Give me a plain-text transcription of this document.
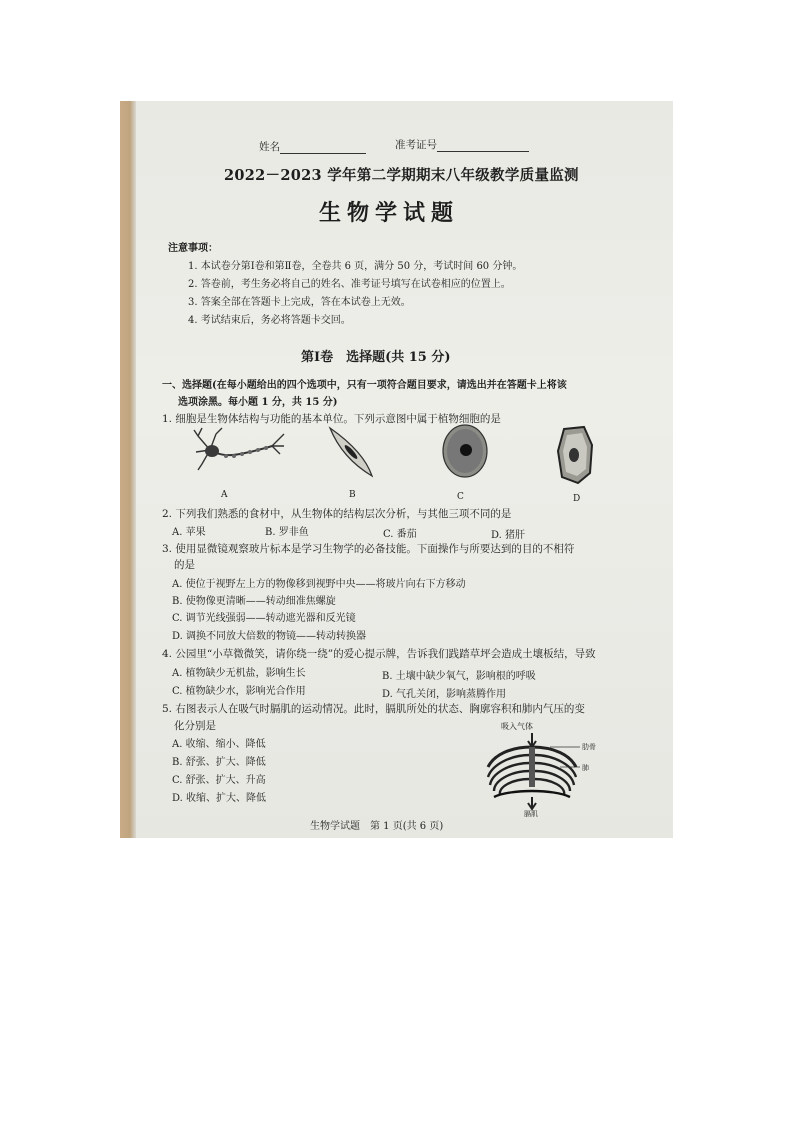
姓名	准考证号
2022－2023 学年第二学期期末八年级教学质量监测
生物学试题
注意事项：
1. 本试卷分第Ⅰ卷和第Ⅱ卷，全卷共 6 页，满分 50 分，考试时间 60 分钟。
2. 答卷前，考生务必将自己的姓名、准考证号填写在试卷相应的位置上。
3. 答案全部在答题卡上完成，答在本试卷上无效。
4. 考试结束后，务必将答题卡交回。
第Ⅰ卷　选择题(共 15 分)
一、选择题(在每小题给出的四个选项中，只有一项符合题目要求，请选出并在答题卡上将该
选项涂黑。每小题 1 分，共 15 分)
1. 细胞是生物体结构与功能的基本单位。下列示意图中属于植物细胞的是
A	B	C	D
2. 下列我们熟悉的食材中，从生物体的结构层次分析，与其他三项不同的是
A. 苹果	B. 罗非鱼	C. 番茄	D. 猪肝
3. 使用显微镜观察玻片标本是学习生物学的必备技能。下面操作与所要达到的目的不相符
的是
A. 使位于视野左上方的物像移到视野中央——将玻片向右下方移动
B. 使物像更清晰——转动细准焦螺旋
C. 调节光线强弱——转动遮光器和反光镜
D. 调换不同放大倍数的物镜——转动转换器
4. 公园里“小草微微笑，请你绕一绕”的爱心提示牌，告诉我们践踏草坪会造成土壤板结，导致
A. 植物缺少无机盐，影响生长	B. 土壤中缺少氧气，影响根的呼吸
C. 植物缺少水，影响光合作用	D. 气孔关闭，影响蒸腾作用
5. 右图表示人在吸气时膈肌的运动情况。此时，膈肌所处的状态、胸廓容积和肺内气压的变
化分别是
A. 收缩、缩小、降低
B. 舒张、扩大、降低
C. 舒张、扩大、升高
D. 收缩、扩大、降低
吸入气体
肋骨
肺
膈肌
生物学试题　第 1 页(共 6 页)
